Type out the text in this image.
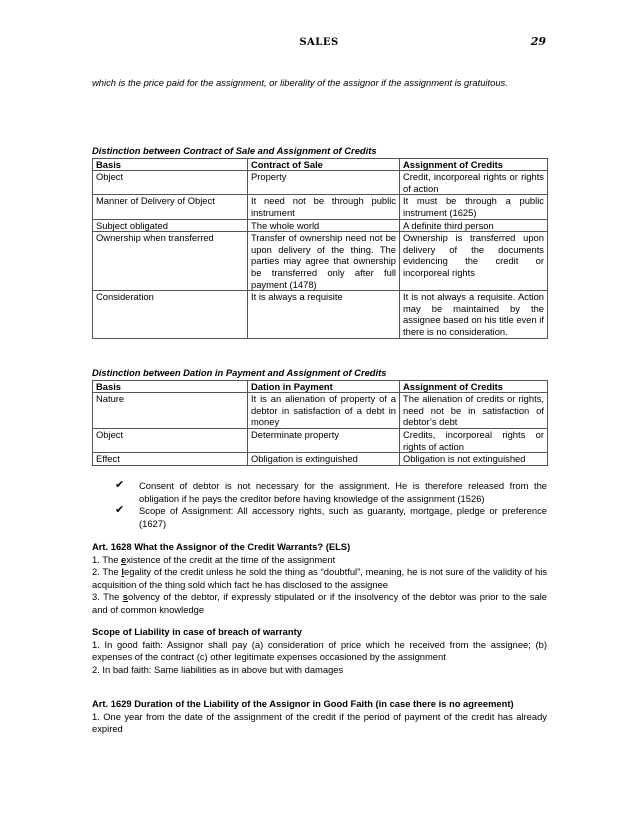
SALES	29
which is the price paid for the assignment, or liberality of the assignor if the assignment is gratuitous.
Distinction between Contract of Sale and Assignment of Credits
Basis	Contract of Sale	Assignment of Credits
Object	Property	Credit, incorporeal rights or rights of action
Manner of Delivery of Object	It need not be through public instrument	It must be through a public instrument (1625)
Subject obligated	The whole world	A definite third person
Ownership when transferred	Transfer of ownership need not be upon delivery of the thing. The parties may agree that ownership be transferred only after full payment (1478)	Ownership is transferred upon delivery of the documents evidencing the credit or incorporeal rights
Consideration	It is always a requisite	It is not always a requisite. Action may be maintained by the assignee based on his title even if there is no consideration.
Distinction between Dation in Payment and Assignment of Credits
Basis	Dation in Payment	Assignment of Credits
Nature	It is an alienation of property of a debtor in satisfaction of a debt in money	The alienation of credits or rights, need not be in satisfaction of debtor’s debt
Object	Determinate property	Credits, incorporeal rights or rights of action
Effect	Obligation is extinguished	Obligation is not extinguished
✔ Consent of debtor is not necessary for the assignment. He is therefore released from the obligation if he pays the creditor before having knowledge of the assignment (1526)
✔ Scope of Assignment: All accessory rights, such as guaranty, mortgage, pledge or preference (1627)
Art. 1628 What the Assignor of the Credit Warrants? (ELS)
1. The existence of the credit at the time of the assignment
2. The legality of the credit unless he sold the thing as “doubtful”, meaning, he is not sure of the validity of his acquisition of the thing sold which fact he has disclosed to the assignee
3. The solvency of the debtor, if expressly stipulated or if the insolvency of the debtor was prior to the sale and of common knowledge
Scope of Liability in case of breach of warranty
1. In good faith: Assignor shall pay (a) consideration of price which he received from the assignee; (b) expenses of the contract (c) other legitimate expenses occasioned by the assignment
2. In bad faith: Same liabilities as in above but with damages
Art. 1629 Duration of the Liability of the Assignor in Good Faith (in case there is no agreement)
1. One year from the date of the assignment of the credit if the period of payment of the credit has already expired
